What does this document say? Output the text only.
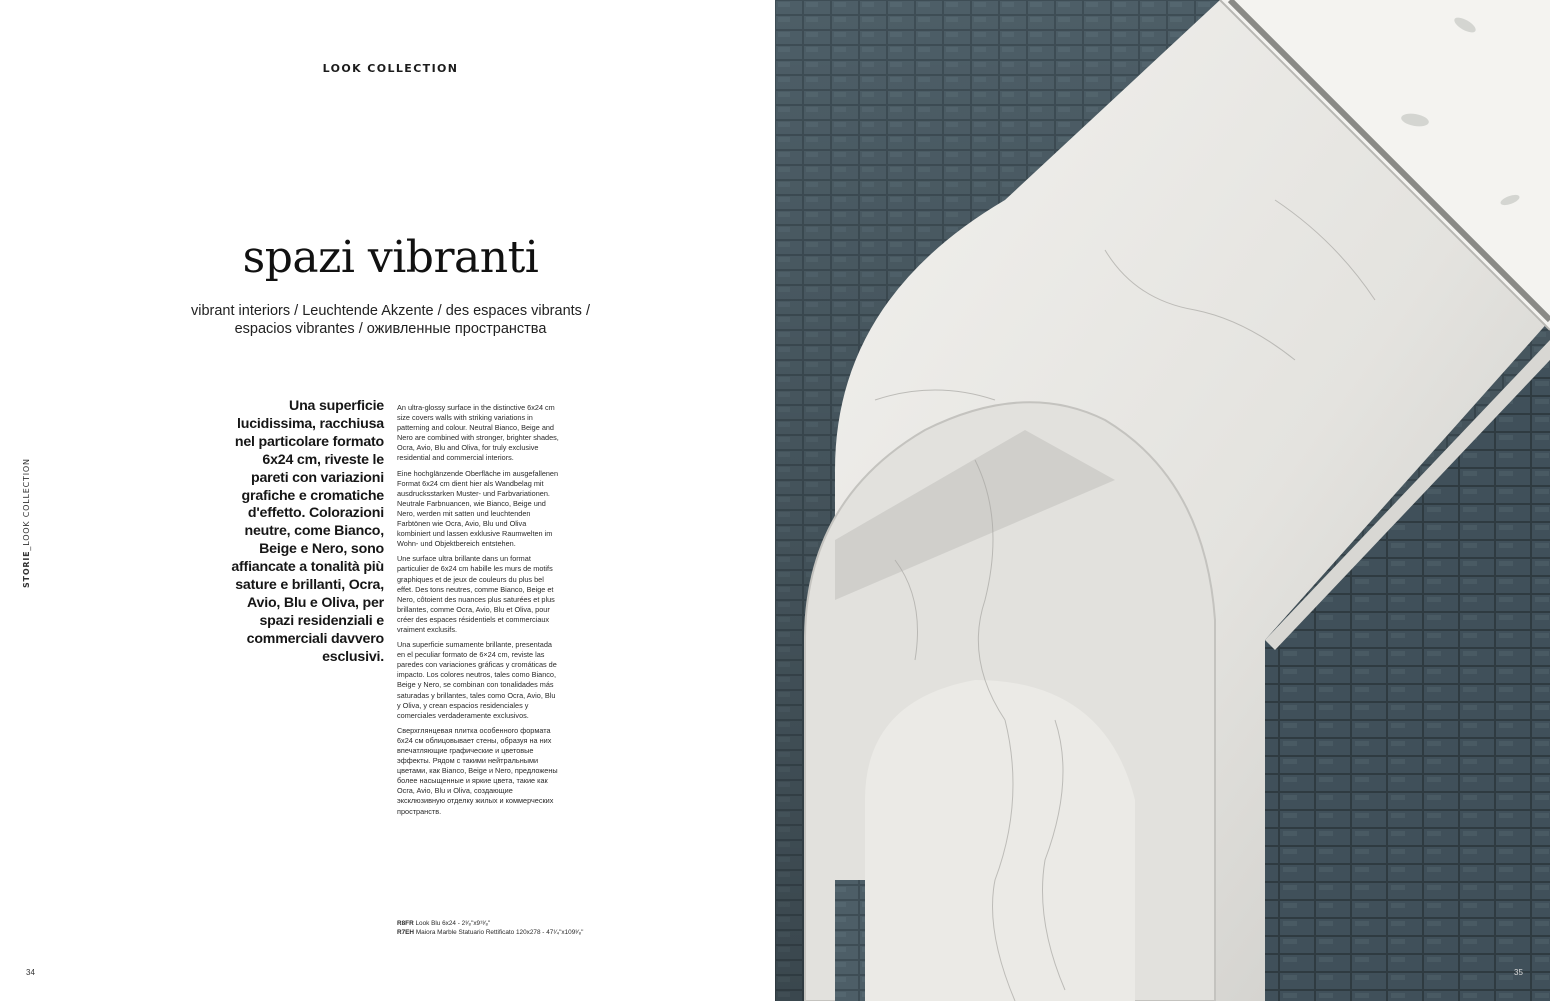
LOOK COLLECTION
spazi vibranti
vibrant interiors / Leuchtende Akzente / des espaces vibrants /
espacios vibrantes / оживленные пространства
STORIE_LOOK COLLECTION
Una superficie lucidissima, racchiusa nel particolare formato 6x24 cm, riveste le pareti con variazioni grafiche e cromatiche d'effetto. Colorazioni neutre, come Bianco, Beige e Nero, sono affiancate a tonalità più sature e brillanti, Ocra, Avio, Blu e Oliva, per spazi residenziali e commerciali davvero esclusivi.

An ultra-glossy surface in the distinctive 6x24 cm size covers walls with striking variations in patterning and colour. Neutral Bianco, Beige and Nero are combined with stronger, brighter shades, Ocra, Avio, Blu and Oliva, for truly exclusive residential and commercial interiors.

Eine hochglänzende Oberfläche im ausgefallenen Format 6x24 cm dient hier als Wandbelag mit ausdrucksstarken Muster- und Farbvariationen. Neutrale Farbnuancen, wie Bianco, Beige und Nero, werden mit satten und leuchtenden Farbtönen wie Ocra, Avio, Blu und Oliva kombiniert und lassen exklusive Raumwelten im Wohn- und Objektbereich entstehen.

Une surface ultra brillante dans un format particulier de 6x24 cm habille les murs de motifs graphiques et de jeux de couleurs du plus bel effet. Des tons neutres, comme Bianco, Beige et Nero, côtoient des nuances plus saturées et plus brillantes, comme Ocra, Avio, Blu et Oliva, pour créer des espaces résidentiels et commerciaux vraiment exclusifs.

Una superficie sumamente brillante, presentada en el peculiar formato de 6×24 cm, reviste las paredes con variaciones gráficas y cromáticas de impacto. Los colores neutros, tales como Bianco, Beige y Nero, se combinan con tonalidades más saturadas y brillantes, tales como Ocra, Avio, Blu y Oliva, y crean espacios residenciales y comerciales verdaderamente exclusivos.

Сверхглянцевая плитка особенного формата 6x24 см облицовывает стены, образуя на них впечатляющие графические и цветовые эффекты. Рядом с такими нейтральными цветами, как Bianco, Beige и Nero, предложены более насыщенные и яркие цвета, такие как Ocra, Avio, Blu и Oliva, создающие эксклюзивную отделку жилых и коммерческих пространств.

R8FR Look Blu 6x24 - 2³⁄₈"x9¹³⁄₈"
R7EH Maiora Marble Statuario Rettificato 120x278 - 47¹⁄₄"x109³⁄₈"
34	35
